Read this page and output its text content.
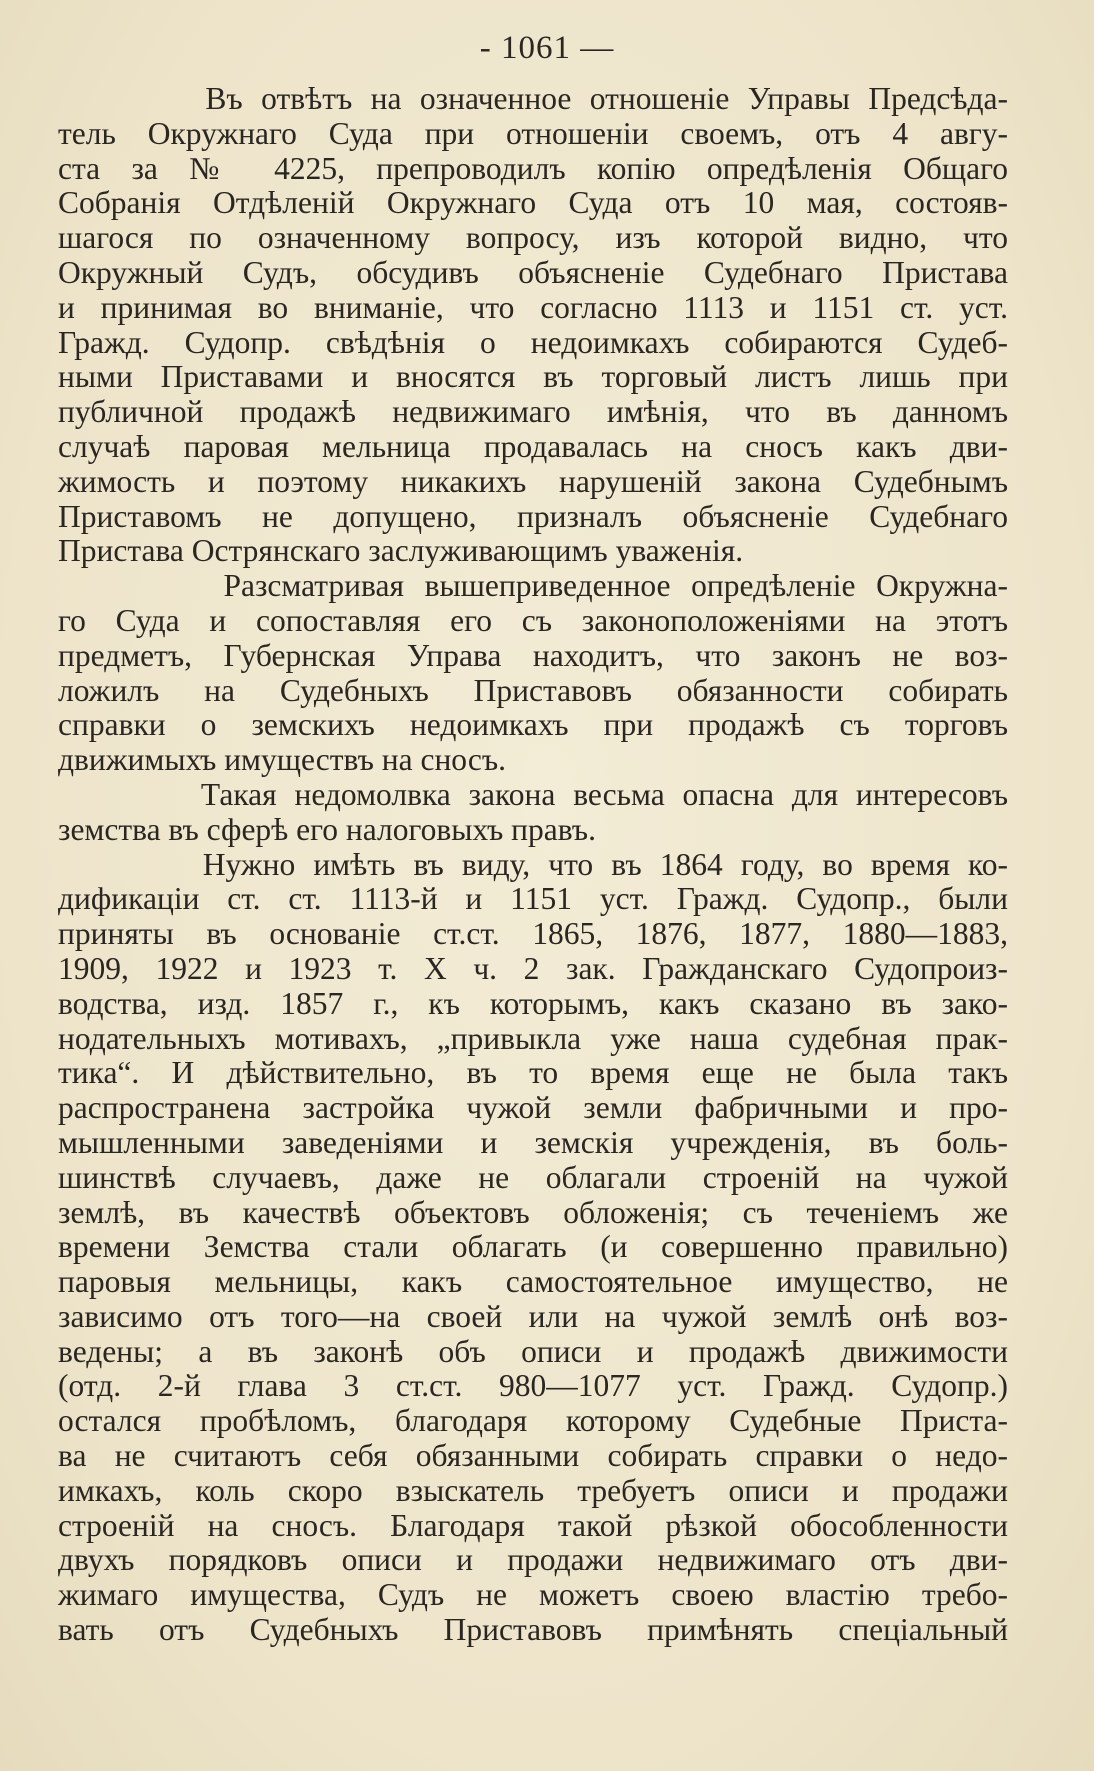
- 1061 —
Въ отвѣтъ на означенное отношеніе Управы Предсѣда-
тель Окружнаго Суда при отношеніи своемъ, отъ 4 авгу-
ста за № 4225, препроводилъ копію опредѣленія Общаго
Собранія Отдѣленій Окружнаго Суда отъ 10 мая, состояв-
шагося по означенному вопросу, изъ которой видно, что
Окружный Судъ, обсудивъ объясненіе Судебнаго Пристава
и принимая во вниманіе, что согласно 1113 и 1151 ст. уст.
Гражд. Судопр. свѣдѣнія о недоимкахъ собираются Судеб-
ными Приставами и вносятся въ торговый листъ лишь при
публичной продажѣ недвижимаго имѣнія, что въ данномъ
случаѣ паровая мельница продавалась на сносъ какъ дви-
жимость и поэтому никакихъ нарушеній закона Судебнымъ
Приставомъ не допущено, призналъ объясненіе Судебнаго
Пристава Острянскаго заслуживающимъ уваженія.
Разсматривая вышеприведенное опредѣленіе Окружна-
го Суда и сопоставляя его съ законоположеніями на этотъ
предметъ, Губернская Управа находитъ, что законъ не воз-
ложилъ на Судебныхъ Приставовъ обязанности собирать
справки о земскихъ недоимкахъ при продажѣ съ торговъ
движимыхъ имуществъ на сносъ.
Такая недомолвка закона весьма опасна для интересовъ
земства въ сферѣ его налоговыхъ правъ.
Нужно имѣть въ виду, что въ 1864 году, во время ко-
дификаціи ст. ст. 1113-й и 1151 уст. Гражд. Судопр., были
приняты въ основаніе ст.ст. 1865, 1876, 1877, 1880—1883,
1909, 1922 и 1923 т. X ч. 2 зак. Гражданскаго Судопроиз-
водства, изд. 1857 г., къ которымъ, какъ сказано въ зако-
нодательныхъ мотивахъ, „привыкла уже наша судебная прак-
тика“. И дѣйствительно, въ то время еще не была такъ
распространена застройка чужой земли фабричными и про-
мышленными заведеніями и земскія учрежденія, въ боль-
шинствѣ случаевъ, даже не облагали строеній на чужой
землѣ, въ качествѣ объектовъ обложенія; съ теченіемъ же
времени Земства стали облагать (и совершенно правильно)
паровыя мельницы, какъ самостоятельное имущество, не
зависимо отъ того—на своей или на чужой землѣ онѣ воз-
ведены; а въ законѣ объ описи и продажѣ движимости
(отд. 2-й глава 3 ст.ст. 980—1077 уст. Гражд. Судопр.)
остался пробѣломъ, благодаря которому Судебные Приста-
ва не считаютъ себя обязанными собирать справки о недо-
имкахъ, коль скоро взыскатель требуетъ описи и продажи
строеній на сносъ. Благодаря такой рѣзкой обособленности
двухъ порядковъ описи и продажи недвижимаго отъ дви-
жимаго имущества, Судъ не можетъ своею властію требо-
вать отъ Судебныхъ Приставовъ примѣнять спеціальный
